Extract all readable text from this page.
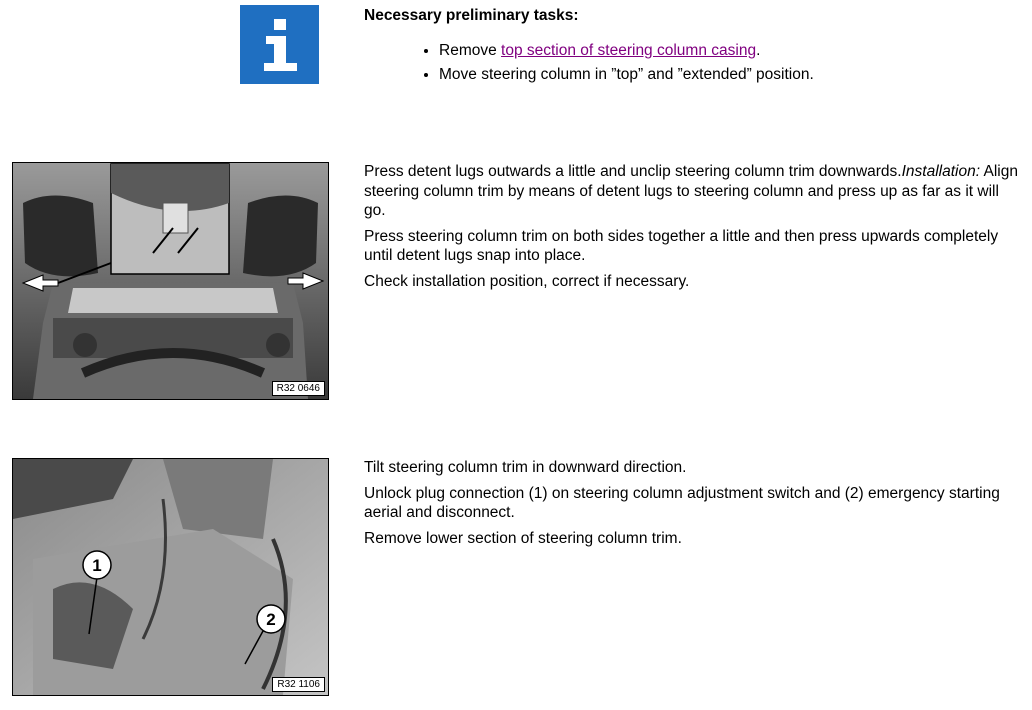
Necessary preliminary tasks:
• Remove top section of steering column casing.
• Move steering column in ”top” and ”extended” position.
R32 0646

Press detent lugs outwards a little and unclip steering column trim downwards.Installation: Align steering column trim by means of detent lugs to steering column and press up as far as it will go.

Press steering column trim on both sides together a little and then press upwards completely until detent lugs snap into place.

Check installation position, correct if necessary.

1
2
R32 1106

Tilt steering column trim in downward direction.

Unlock plug connection (1) on steering column adjustment switch and (2) emergency starting aerial and disconnect.

Remove lower section of steering column trim.
